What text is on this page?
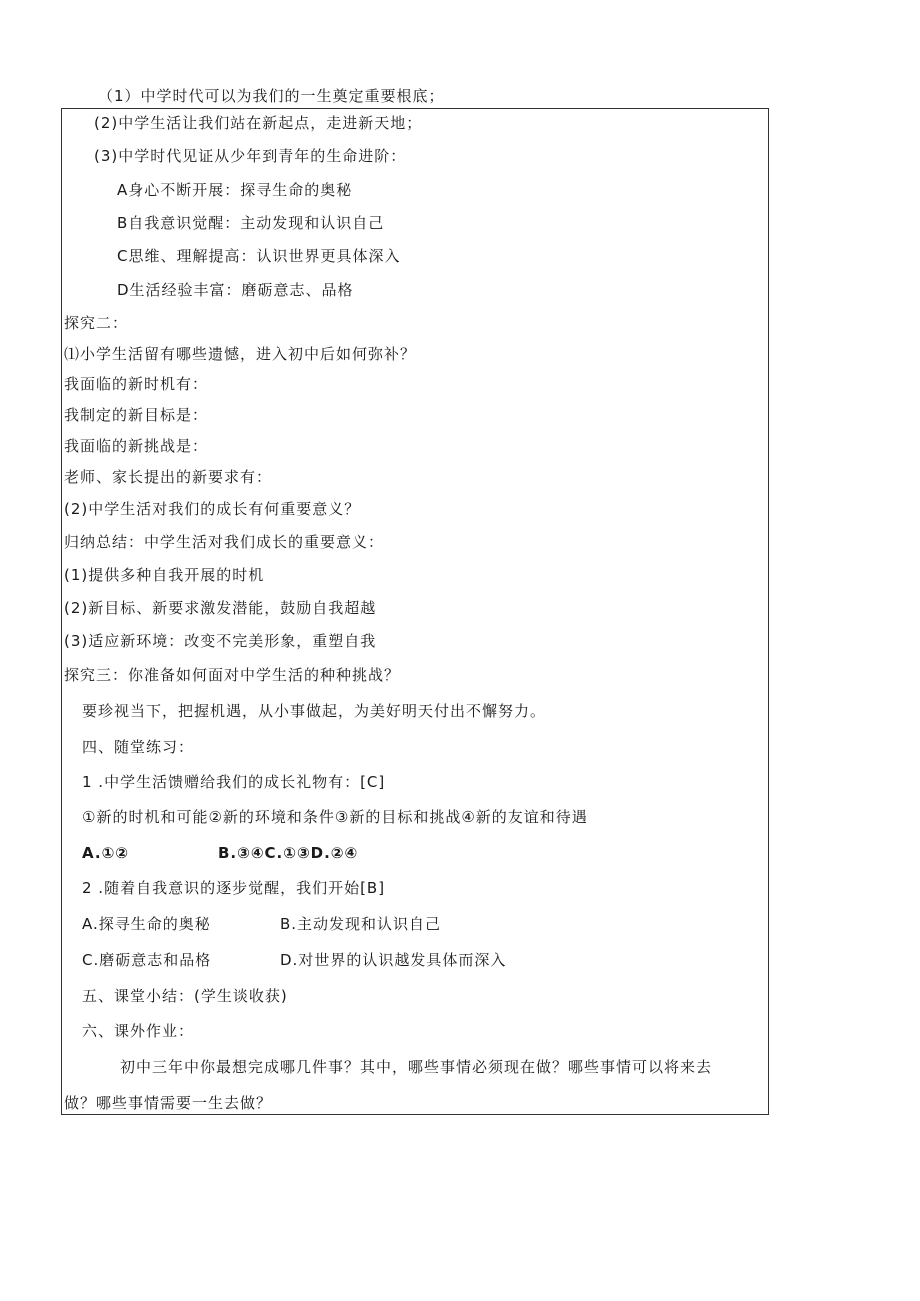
（1）中学时代可以为我们的一生奠定重要根底；
(2)中学生活让我们站在新起点，走进新天地；
(3)中学时代见证从少年到青年的生命进阶：
A身心不断开展：探寻生命的奥秘
B自我意识觉醒：主动发现和认识自己
C思维、理解提高：认识世界更具体深入
D生活经验丰富：磨砺意志、品格
探究二：
⑴小学生活留有哪些遗憾，进入初中后如何弥补？
我面临的新时机有：
我制定的新目标是：
我面临的新挑战是：
老师、家长提出的新要求有：
(2)中学生活对我们的成长有何重要意义？
归纳总结：中学生活对我们成长的重要意义：
(1)提供多种自我开展的时机
(2)新目标、新要求激发潜能，鼓励自我超越
(3)适应新环境：改变不完美形象，重塑自我
探究三：你准备如何面对中学生活的种种挑战？
要珍视当下，把握机遇，从小事做起，为美好明天付出不懈努力。
四、随堂练习：
1 .中学生活馈赠给我们的成长礼物有：[C]
①新的时机和可能②新的环境和条件③新的目标和挑战④新的友谊和待遇
A.①②	B.③④C.①③D.②④
2 .随着自我意识的逐步觉醒，我们开始[B]
A.探寻生命的奥秘	B.主动发现和认识自己
C.磨砺意志和品格	D.对世界的认识越发具体而深入
五、课堂小结：(学生谈收获)
六、课外作业：
初中三年中你最想完成哪几件事？其中，哪些事情必须现在做？哪些事情可以将来去
做？哪些事情需要一生去做？
